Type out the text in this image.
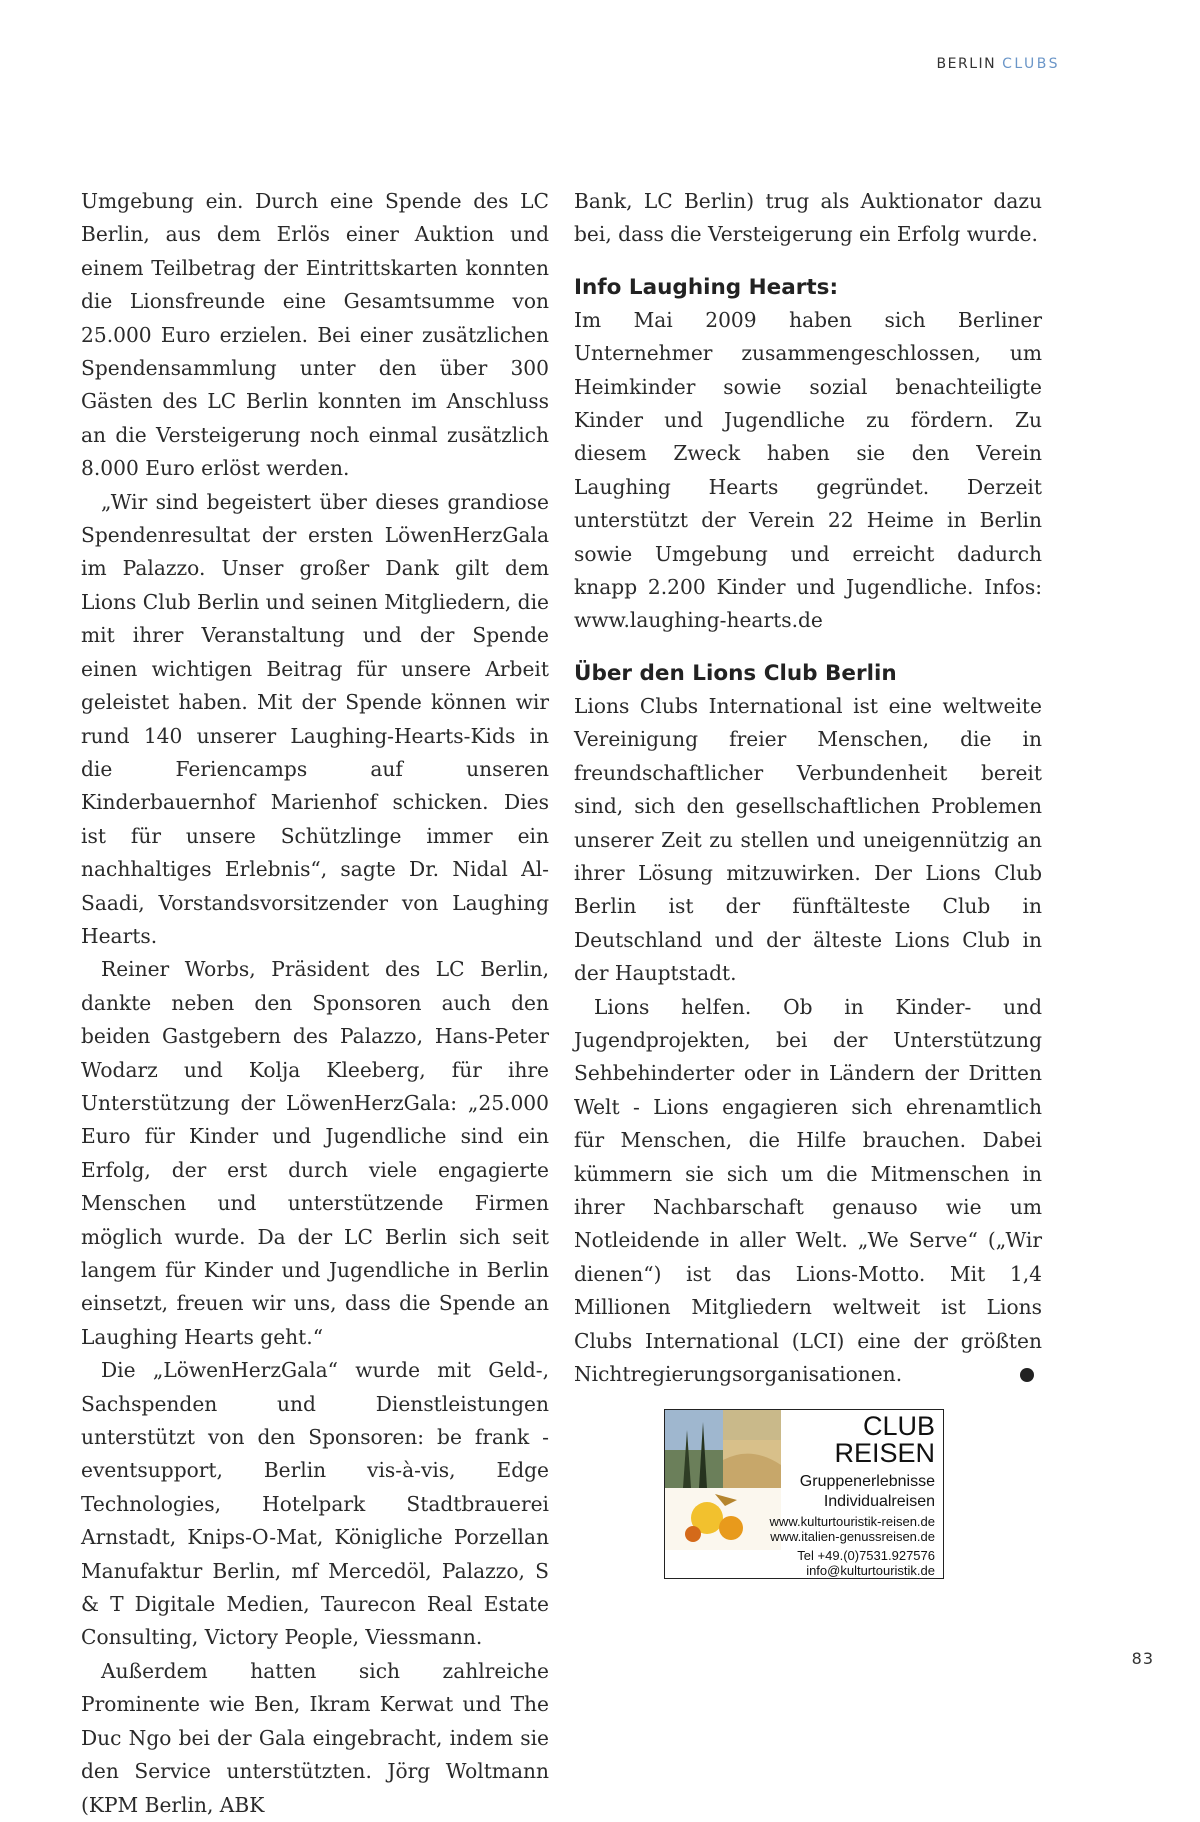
BERLIN CLUBS

Umgebung ein. Durch eine Spende des LC Berlin, aus dem Erlös einer Auktion und einem Teilbetrag der Eintrittskarten konnten die Lionsfreunde eine Gesamtsumme von 25.000 Euro erzielen. Bei einer zusätzlichen Spendensammlung unter den über 300 Gästen des LC Berlin konnten im Anschluss an die Versteigerung noch einmal zusätzlich 8.000 Euro erlöst werden.

„Wir sind begeistert über dieses grandiose Spendenresultat der ersten LöwenHerzGala im Palazzo. Unser großer Dank gilt dem Lions Club Berlin und seinen Mitgliedern, die mit ihrer Veranstaltung und der Spende einen wichtigen Beitrag für unsere Arbeit geleistet haben. Mit der Spende können wir rund 140 unserer Laughing-Hearts-Kids in die Feriencamps auf unseren Kinderbauernhof Marienhof schicken. Dies ist für unsere Schützlinge immer ein nachhaltiges Erlebnis“, sagte Dr. Nidal Al-Saadi, Vorstandsvorsitzender von Laughing Hearts.

Reiner Worbs, Präsident des LC Berlin, dankte neben den Sponsoren auch den beiden Gastgebern des Palazzo, Hans-Peter Wodarz und Kolja Kleeberg, für ihre Unterstützung der LöwenHerzGala: „25.000 Euro für Kinder und Jugendliche sind ein Erfolg, der erst durch viele engagierte Menschen und unterstützende Firmen möglich wurde. Da der LC Berlin sich seit langem für Kinder und Jugendliche in Berlin einsetzt, freuen wir uns, dass die Spende an Laughing Hearts geht.“

Die „LöwenHerzGala“ wurde mit Geld-, Sachspenden und Dienstleistungen unterstützt von den Sponsoren: be frank - eventsupport, Berlin vis-à-vis, Edge Technologies, Hotelpark Stadtbrauerei Arnstadt, Knips-O-Mat, Königliche Porzellan Manufaktur Berlin, mf Mercedöl, Palazzo, S & T Digitale Medien, Taurecon Real Estate Consulting, Victory People, Viessmann.

Außerdem hatten sich zahlreiche Prominente wie Ben, Ikram Kerwat und The Duc Ngo bei der Gala eingebracht, indem sie den Service unterstützten. Jörg Woltmann (KPM Berlin, ABK

Bank, LC Berlin) trug als Auktionator dazu bei, dass die Versteigerung ein Erfolg wurde.

Info Laughing Hearts:

Im Mai 2009 haben sich Berliner Unternehmer zusammengeschlossen, um Heimkinder sowie sozial benachteiligte Kinder und Jugendliche zu fördern. Zu diesem Zweck haben sie den Verein Laughing Hearts gegründet. Derzeit unterstützt der Verein 22 Heime in Berlin sowie Umgebung und erreicht dadurch knapp 2.200 Kinder und Jugendliche. Infos: www.laughing-hearts.de

Über den Lions Club Berlin

Lions Clubs International ist eine weltweite Vereinigung freier Menschen, die in freundschaftlicher Verbundenheit bereit sind, sich den gesellschaftlichen Problemen unserer Zeit zu stellen und uneigennützig an ihrer Lösung mitzuwirken. Der Lions Club Berlin ist der fünftälteste Club in Deutschland und der älteste Lions Club in der Hauptstadt.

Lions helfen. Ob in Kinder- und Jugendprojekten, bei der Unterstützung Sehbehinderter oder in Ländern der Dritten Welt - Lions engagieren sich ehrenamtlich für Menschen, die Hilfe brauchen. Dabei kümmern sie sich um die Mitmenschen in ihrer Nachbarschaft genauso wie um Notleidende in aller Welt. „We Serve“ („Wir dienen“) ist das Lions-Motto. Mit 1,4 Millionen Mitgliedern weltweit ist Lions Clubs International (LCI) eine der größten Nichtregierungsorganisationen.	L

CLUB
REISEN
Gruppenerlebnisse
Individualreisen
www.kulturtouristik-reisen.de
www.italien-genussreisen.de
Tel +49.(0)7531.927576
info@kulturtouristik.de
83
